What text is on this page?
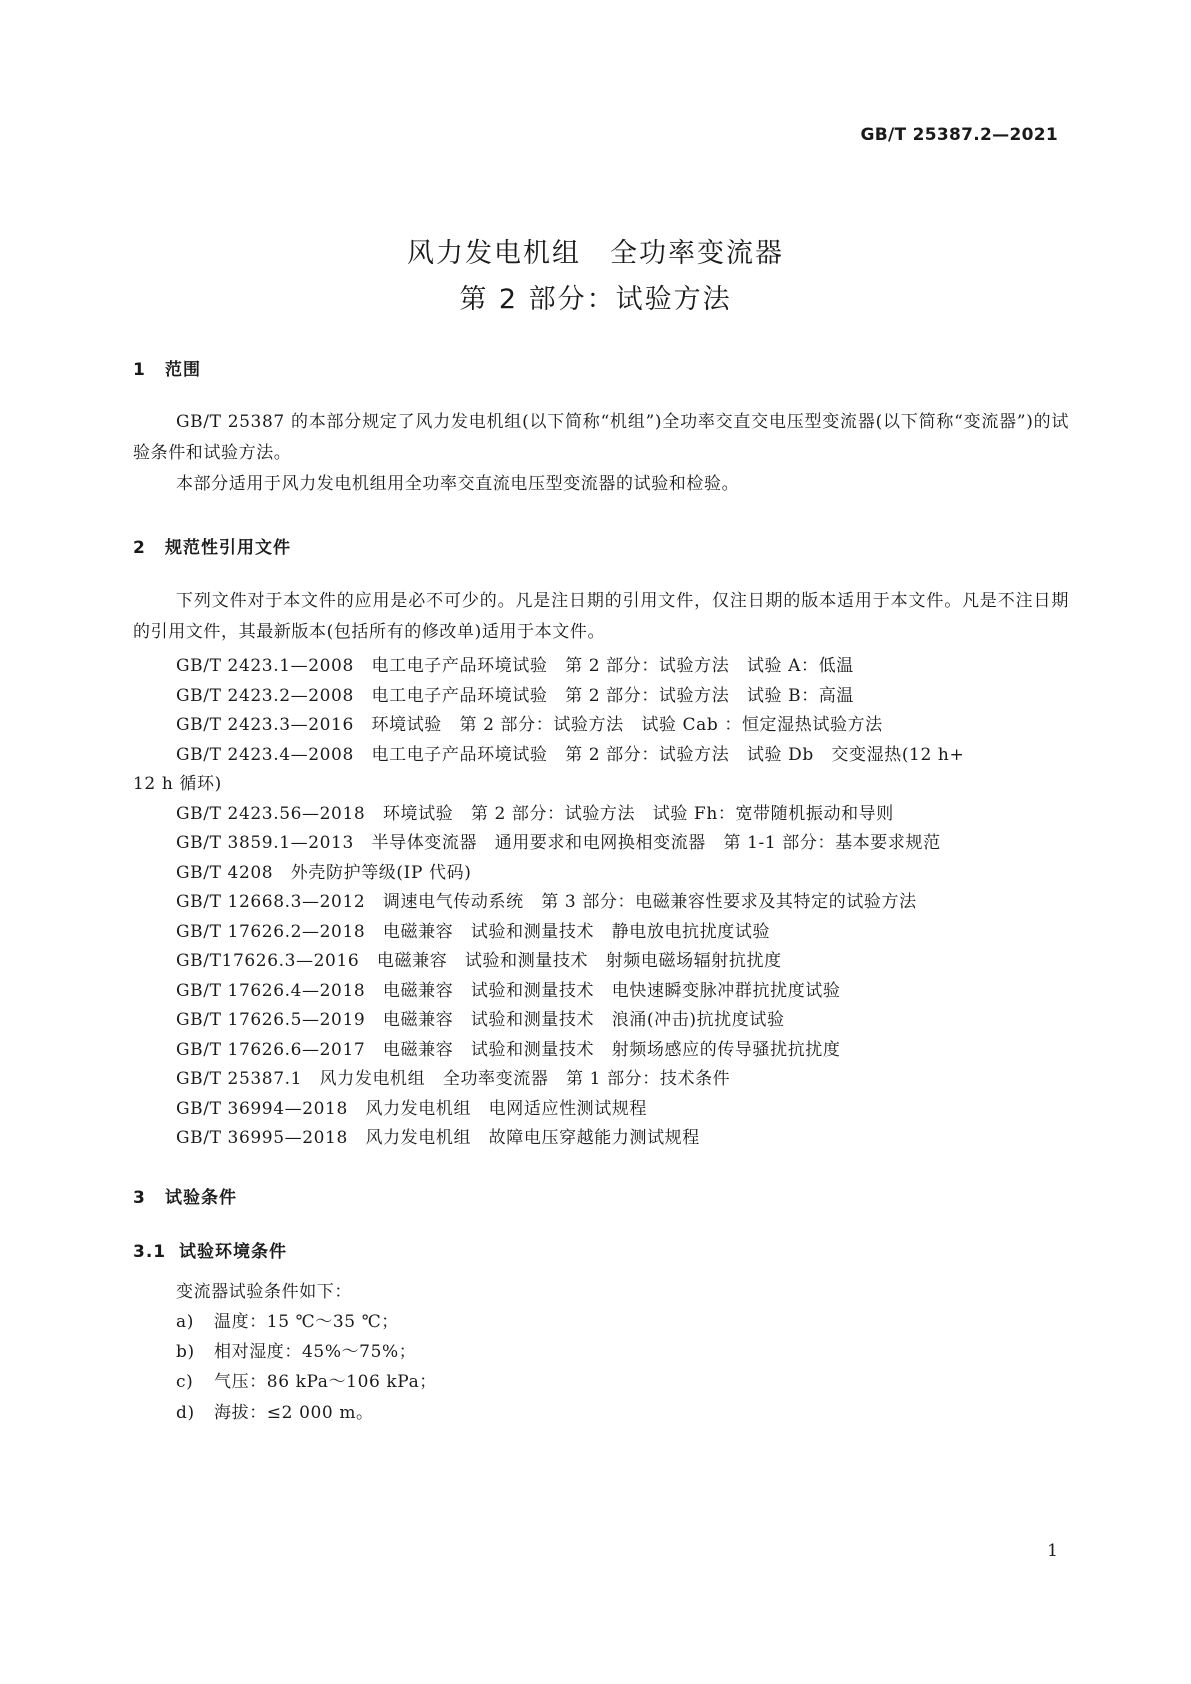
GB/T 25387.2—2021
风力发电机组　全功率变流器
第 2 部分：试验方法
1 范围
GB/T 25387 的本部分规定了风力发电机组(以下简称“机组”)全功率交直交电压型变流器(以下简称“变流器”)的试验条件和试验方法。
本部分适用于风力发电机组用全功率交直流电压型变流器的试验和检验。
2 规范性引用文件
下列文件对于本文件的应用是必不可少的。凡是注日期的引用文件，仅注日期的版本适用于本文件。凡是不注日期的引用文件，其最新版本(包括所有的修改单)适用于本文件。
GB/T 2423.1—2008　电工电子产品环境试验　第 2 部分：试验方法　试验 A：低温
GB/T 2423.2—2008　电工电子产品环境试验　第 2 部分：试验方法　试验 B：高温
GB/T 2423.3—2016　环境试验　第 2 部分：试验方法　试验 Cab ：恒定湿热试验方法
GB/T 2423.4—2008　电工电子产品环境试验　第 2 部分：试验方法　试验 Db　交变湿热(12 h+
12 h 循环)
GB/T 2423.56—2018　环境试验　第 2 部分：试验方法　试验 Fh：宽带随机振动和导则
GB/T 3859.1—2013　半导体变流器　通用要求和电网换相变流器　第 1-1 部分：基本要求规范
GB/T 4208　外壳防护等级(IP 代码)
GB/T 12668.3—2012　调速电气传动系统　第 3 部分：电磁兼容性要求及其特定的试验方法
GB/T 17626.2—2018　电磁兼容　试验和测量技术　静电放电抗扰度试验
GB/T17626.3—2016　电磁兼容　试验和测量技术　射频电磁场辐射抗扰度
GB/T 17626.4—2018　电磁兼容　试验和测量技术　电快速瞬变脉冲群抗扰度试验
GB/T 17626.5—2019　电磁兼容　试验和测量技术　浪涌(冲击)抗扰度试验
GB/T 17626.6—2017　电磁兼容　试验和测量技术　射频场感应的传导骚扰抗扰度
GB/T 25387.1　风力发电机组　全功率变流器　第 1 部分：技术条件
GB/T 36994—2018　风力发电机组　电网适应性测试规程
GB/T 36995—2018　风力发电机组　故障电压穿越能力测试规程
3 试验条件
3.1 试验环境条件
变流器试验条件如下：
a) 温度：15 ℃～35 ℃；
b) 相对湿度：45%～75%；
c) 气压：86 kPa～106 kPa；
d) 海拔：≤2 000 m。
1
